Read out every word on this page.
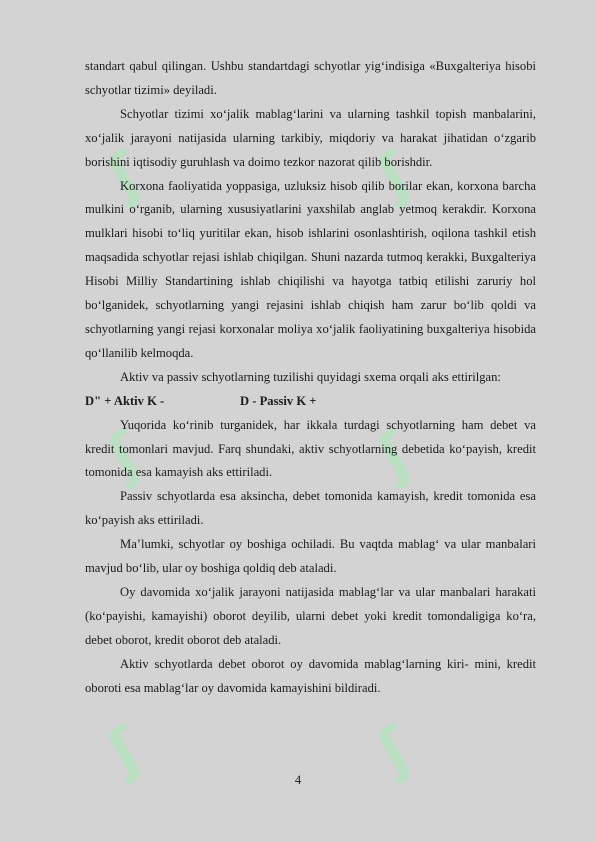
ʃ	ʃ
ʃ	ʃ
ʃ	ʃ

standart qabul qilingan. Ushbu standartdagi schyotlar yig‘indisiga «Buxgalteriya hisobi schyotlar tizimi» deyiladi.

Schyotlar tizimi xo‘jalik mablag‘larini va ularning tashkil topish manbalarini, xo‘jalik jarayoni natijasida ularning tarkibiy, miqdoriy va harakat jihatidan o‘zgarib borishini iqtisodiy guruhlash va doimo tezkor nazorat qilib borishdir.

Korxona faoliyatida yoppasiga, uzluksiz hisob qilib borilar ekan, korxona barcha mulkini o‘rganib, ularning xususiyatlarini yaxshilab anglab yetmoq kerakdir. Korxona mulklari hisobi to‘liq yuritilar ekan, hisob ishlarini osonlashtirish, oqilona tashkil etish maqsadida schyotlar rejasi ishlab chiqilgan. Shuni nazarda tutmoq kerakki, Buxgalteriya Hisobi Milliy Standartining ishlab chiqilishi va hayotga tatbiq etilishi zaruriy hol bo‘lganidek, schyotlarning yangi rejasini ishlab chiqish ham zarur bo‘lib qoldi va schyotlarning yangi rejasi korxonalar moliya xo‘jalik faoliyatining buxgalteriya hisobida qo‘llanilib kelmoqda.

Aktiv va passiv schyotlarning tuzilishi quyidagi sxema orqali aks ettirilgan:

D" + Aktiv K -	D - Passiv K +

Yuqorida ko‘rinib turganidek, har ikkala turdagi schyotlarning ham debet va kredit tomonlari mavjud. Farq shundaki, aktiv schyotlarning debetida ko‘payish, kredit tomonida esa kamayish aks ettiriladi.

Passiv schyotlarda esa aksincha, debet tomonida kamayish, kredit tomonida esa ko‘payish aks ettiriladi.

Ma’lumki, schyotlar oy boshiga ochiladi. Bu vaqtda mablag‘ va ular manbalari mavjud bo‘lib, ular oy boshiga qoldiq deb ataladi.

Oy davomida xo‘jalik jarayoni natijasida mablag‘lar va ular manbalari harakati (ko‘payishi, kamayishi) oborot deyilib, ularni debet yoki kredit tomondaligiga ko‘ra, debet oborot, kredit oborot deb ataladi.

Aktiv schyotlarda debet oborot oy davomida mablag‘larning kiri- mini, kredit oboroti esa mablag‘lar oy davomida kamayishini bildiradi.

4
